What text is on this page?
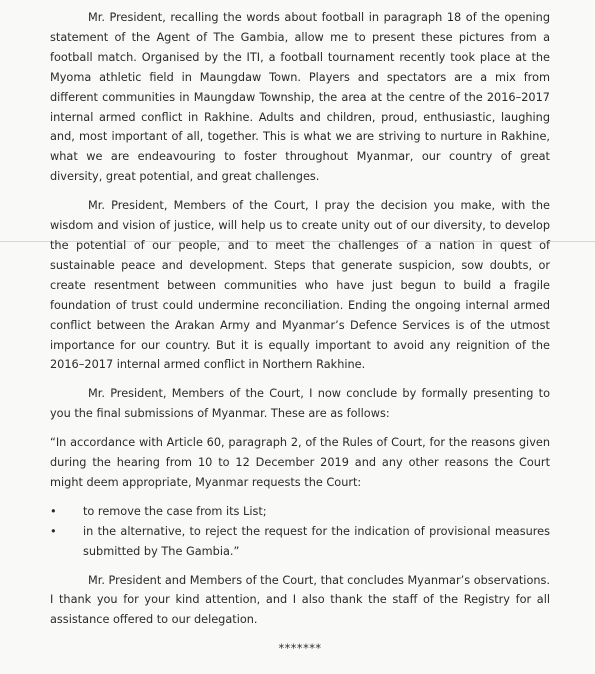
Mr. President, recalling the words about football in paragraph 18 of the opening statement of the Agent of The Gambia, allow me to present these pictures from a football match. Organised by the ITI, a football tournament recently took place at the Myoma athletic field in Maungdaw Town. Players and spectators are a mix from different communities in Maungdaw Township, the area at the centre of the 2016–2017 internal armed conflict in Rakhine. Adults and children, proud, enthusiastic, laughing and, most important of all, together. This is what we are striving to nurture in Rakhine, what we are endeavouring to foster throughout Myanmar, our country of great diversity, great potential, and great challenges.

Mr. President, Members of the Court, I pray the decision you make, with the wisdom and vision of justice, will help us to create unity out of our diversity, to develop the potential of our people, and to meet the challenges of a nation in quest of sustainable peace and development. Steps that generate suspicion, sow doubts, or create resentment between communities who have just begun to build a fragile foundation of trust could undermine reconciliation. Ending the ongoing internal armed conflict between the Arakan Army and Myanmar’s Defence Services is of the utmost importance for our country. But it is equally important to avoid any reignition of the 2016–2017 internal armed conflict in Northern Rakhine.

Mr. President, Members of the Court, I now conclude by formally presenting to you the final submissions of Myanmar. These are as follows:

“In accordance with Article 60, paragraph 2, of the Rules of Court, for the reasons given during the hearing from 10 to 12 December 2019 and any other reasons the Court might deem appropriate, Myanmar requests the Court:

• to remove the case from its List;
• in the alternative, to reject the request for the indication of provisional measures submitted by The Gambia.”

Mr. President and Members of the Court, that concludes Myanmar’s observations. I thank you for your kind attention, and I also thank the staff of the Registry for all assistance offered to our delegation.

*******
